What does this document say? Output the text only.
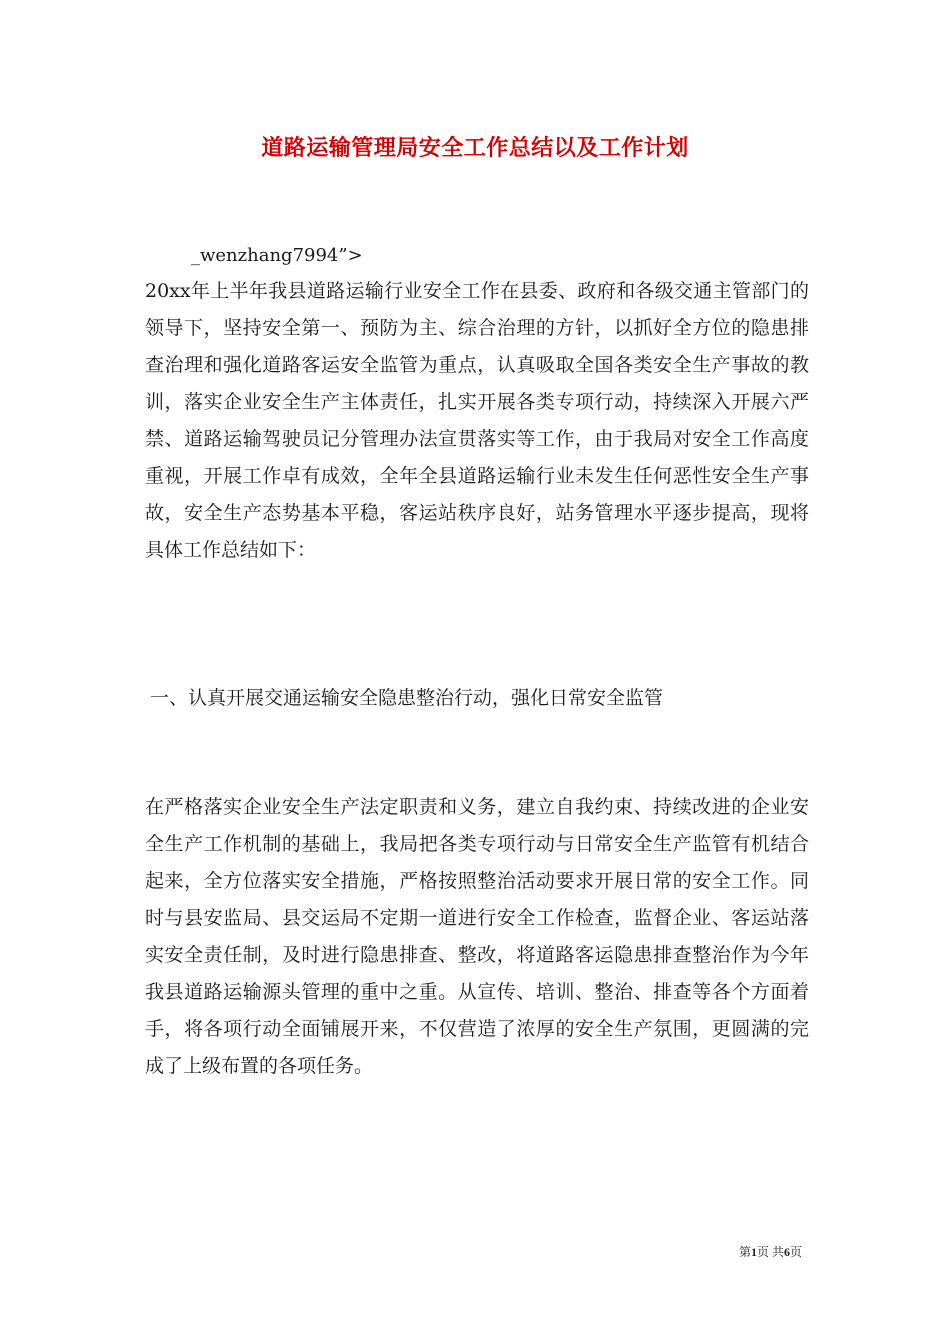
道路运输管理局安全工作总结以及工作计划
_wenzhang7994”>
20xx年上半年我县道路运输行业安全工作在县委、政府和各级交通主管部门的领导下，坚持安全第一、预防为主、综合治理的方针，以抓好全方位的隐患排查治理和强化道路客运安全监管为重点，认真吸取全国各类安全生产事故的教训，落实企业安全生产主体责任，扎实开展各类专项行动，持续深入开展六严禁、道路运输驾驶员记分管理办法宣贯落实等工作，由于我局对安全工作高度重视，开展工作卓有成效，全年全县道路运输行业未发生任何恶性安全生产事故，安全生产态势基本平稳，客运站秩序良好，站务管理水平逐步提高，现将具体工作总结如下：
一、认真开展交通运输安全隐患整治行动，强化日常安全监管
在严格落实企业安全生产法定职责和义务，建立自我约束、持续改进的企业安全生产工作机制的基础上，我局把各类专项行动与日常安全生产监管有机结合起来，全方位落实安全措施，严格按照整治活动要求开展日常的安全工作。同时与县安监局、县交运局不定期一道进行安全工作检查，监督企业、客运站落实安全责任制，及时进行隐患排查、整改，将道路客运隐患排查整治作为今年我县道路运输源头管理的重中之重。从宣传、培训、整治、排查等各个方面着手，将各项行动全面铺展开来，不仅营造了浓厚的安全生产氛围，更圆满的完成了上级布置的各项任务。
第1页 共6页
